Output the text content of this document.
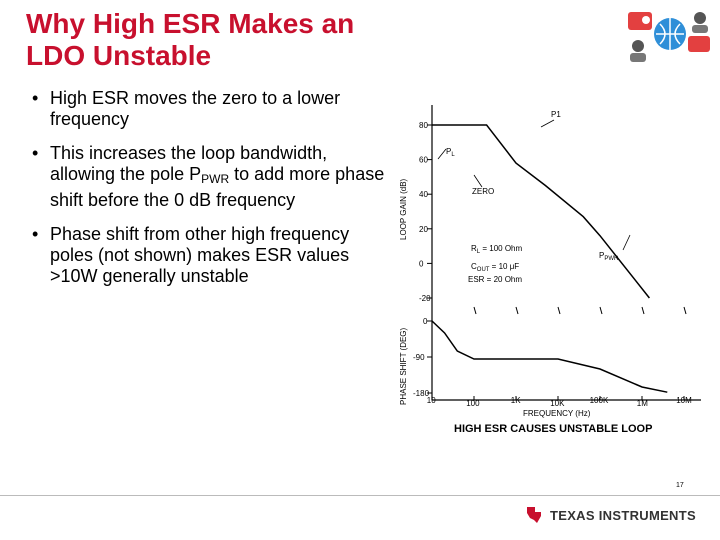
Why High ESR Makes an
LDO Unstable
• High ESR moves the zero to a lower frequency
• This increases the loop bandwidth, allowing the pole $P_{PWR}$ to add more phase shift before the 0 dB frequency
• Phase shift from other high frequency poles (not shown) makes ESR values >10W generally unstable
LOOP GAIN (dB)
PHASE SHIFT (DEG)
80
60
40
20
0
-20
0
-90
-180
10	100	1K	10K	100K	1M	10M
P1
$P_L$
ZERO
$P_{PWR}$
$R_L = 100$ Ohm
$C_{OUT} = 10$ μF
ESR = 20 Ohm
FREQUENCY (Hz)
HIGH ESR CAUSES UNSTABLE LOOP
17
TEXAS INSTRUMENTS
